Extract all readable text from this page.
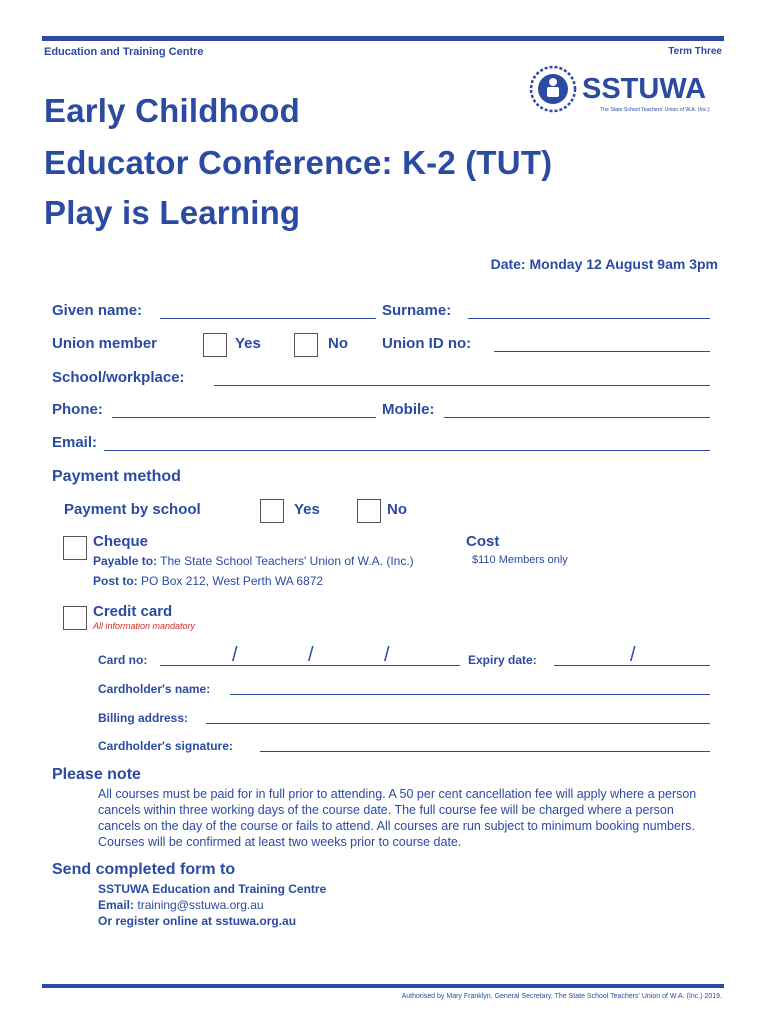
Education and Training Centre	Term Three
SSTUWA
The State School Teachers' Union of W.A. (Inc.)
Early Childhood
Educator Conference: K-2 (TUT)
Play is Learning
Date: Monday 12 August 9am 3pm
Given name:	Surname:
Union member	Yes	No Union ID no:
School/workplace:
Phone:	Mobile:
Email:
Payment method
Payment by school	Yes	No
Cheque	Cost
Payable to: The State School Teachers' Union of W.A. (Inc.)	$110 Members only
Post to: PO Box 212, West Perth WA 6872
Credit card
All information mandatory
Card no:	/	/	/	Expiry date:	/
Cardholder's name:
Billing address:
Cardholder's signature:
Please note
All courses must be paid for in full prior to attending. A 50 per cent cancellation fee will apply where a person cancels within three working days of the course date. The full course fee will be charged where a person cancels on the day of the course or fails to attend. All courses are run subject to minimum booking numbers. Courses will be confirmed at least two weeks prior to course date.
Send completed form to
SSTUWA Education and Training Centre
Email: training@sstuwa.org.au
Or register online at sstuwa.org.au
Authorised by Mary Franklyn, General Secretary, The State School Teachers' Union of W.A. (Inc.) 2019.
